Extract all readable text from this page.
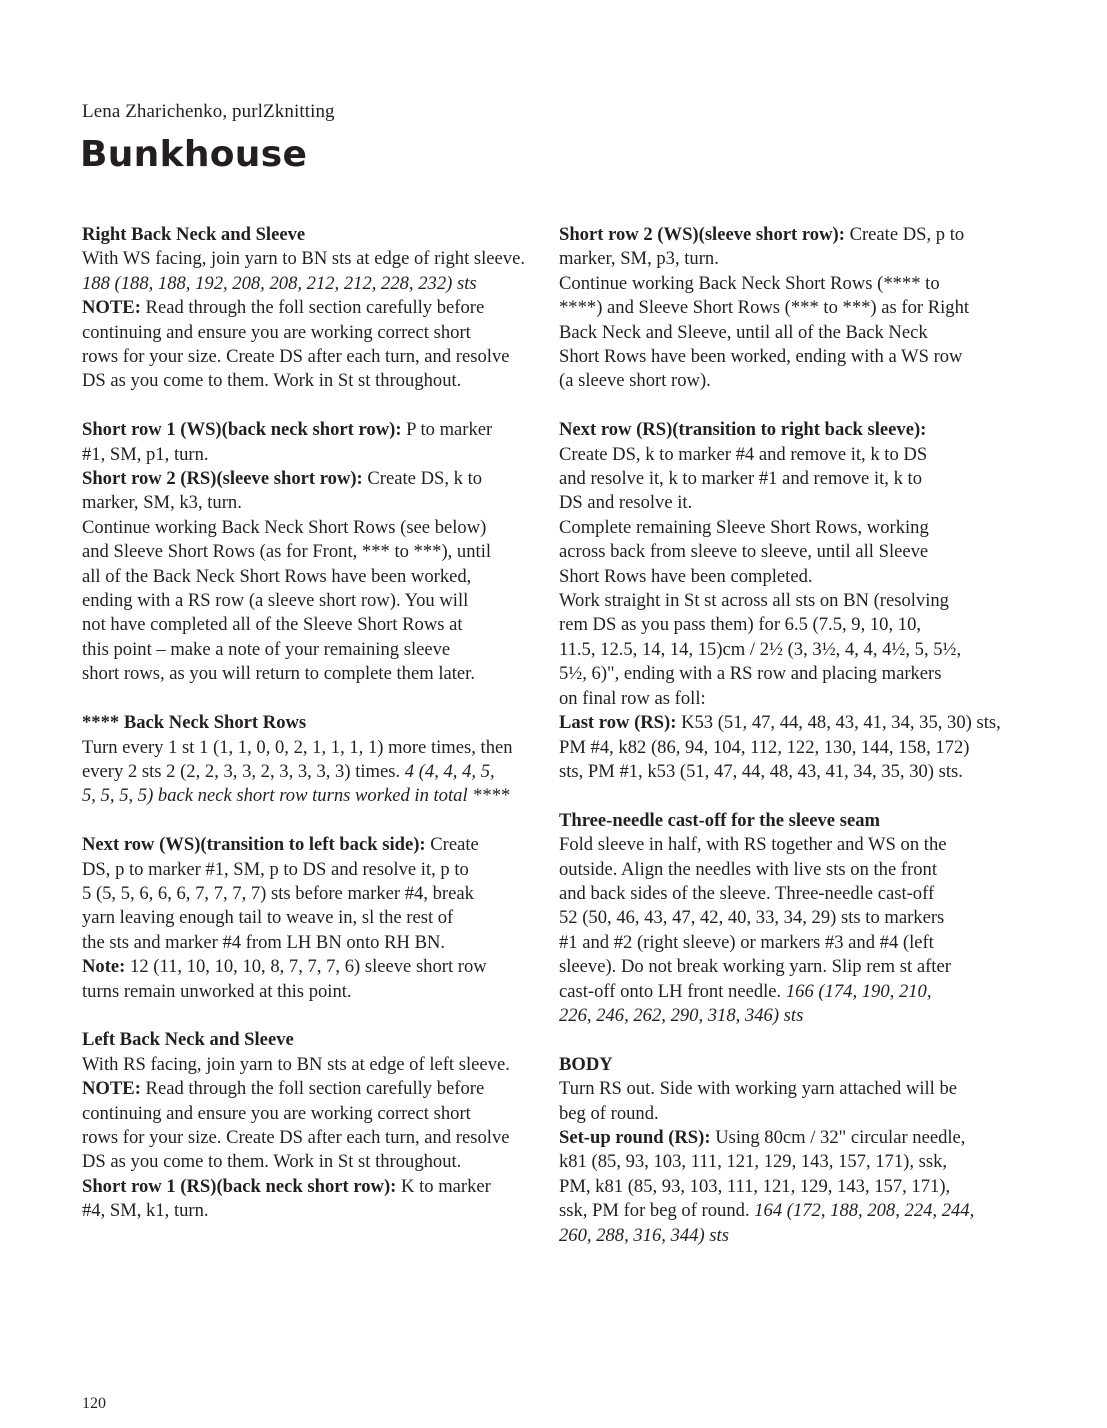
Lena Zharichenko, purlZknitting
Bunkhouse
Right Back Neck and Sleeve
With WS facing, join yarn to BN sts at edge of right sleeve.
188 (188, 188, 192, 208, 208, 212, 212, 228, 232) sts
NOTE: Read through the foll section carefully before
continuing and ensure you are working correct short
rows for your size. Create DS after each turn, and resolve
DS as you come to them. Work in St st throughout.
Short row 1 (WS)(back neck short row): P to marker
#1, SM, p1, turn.
Short row 2 (RS)(sleeve short row): Create DS, k to
marker, SM, k3, turn.
Continue working Back Neck Short Rows (see below)
and Sleeve Short Rows (as for Front, *** to ***), until
all of the Back Neck Short Rows have been worked,
ending with a RS row (a sleeve short row). You will
not have completed all of the Sleeve Short Rows at
this point – make a note of your remaining sleeve
short rows, as you will return to complete them later.
**** Back Neck Short Rows
Turn every 1 st 1 (1, 1, 0, 0, 2, 1, 1, 1, 1) more times, then
every 2 sts 2 (2, 2, 3, 3, 2, 3, 3, 3, 3) times. 4 (4, 4, 4, 5,
5, 5, 5, 5) back neck short row turns worked in total ****
Next row (WS)(transition to left back side): Create
DS, p to marker #1, SM, p to DS and resolve it, p to
5 (5, 5, 6, 6, 6, 7, 7, 7, 7) sts before marker #4, break
yarn leaving enough tail to weave in, sl the rest of
the sts and marker #4 from LH BN onto RH BN.
Note: 12 (11, 10, 10, 10, 8, 7, 7, 7, 6) sleeve short row
turns remain unworked at this point.
Left Back Neck and Sleeve
With RS facing, join yarn to BN sts at edge of left sleeve.
NOTE: Read through the foll section carefully before
continuing and ensure you are working correct short
rows for your size. Create DS after each turn, and resolve
DS as you come to them. Work in St st throughout.
Short row 1 (RS)(back neck short row): K to marker
#4, SM, k1, turn.
Short row 2 (WS)(sleeve short row): Create DS, p to
marker, SM, p3, turn.
Continue working Back Neck Short Rows (**** to
****) and Sleeve Short Rows (*** to ***) as for Right
Back Neck and Sleeve, until all of the Back Neck
Short Rows have been worked, ending with a WS row
(a sleeve short row).
Next row (RS)(transition to right back sleeve):
Create DS, k to marker #4 and remove it, k to DS
and resolve it, k to marker #1 and remove it, k to
DS and resolve it.
Complete remaining Sleeve Short Rows, working
across back from sleeve to sleeve, until all Sleeve
Short Rows have been completed.
Work straight in St st across all sts on BN (resolving
rem DS as you pass them) for 6.5 (7.5, 9, 10, 10,
11.5, 12.5, 14, 14, 15)cm / 2½ (3, 3½, 4, 4, 4½, 5, 5½,
5½, 6)", ending with a RS row and placing markers
on final row as foll:
Last row (RS): K53 (51, 47, 44, 48, 43, 41, 34, 35, 30) sts,
PM #4, k82 (86, 94, 104, 112, 122, 130, 144, 158, 172)
sts, PM #1, k53 (51, 47, 44, 48, 43, 41, 34, 35, 30) sts.
Three-needle cast-off for the sleeve seam
Fold sleeve in half, with RS together and WS on the
outside. Align the needles with live sts on the front
and back sides of the sleeve. Three-needle cast-off
52 (50, 46, 43, 47, 42, 40, 33, 34, 29) sts to markers
#1 and #2 (right sleeve) or markers #3 and #4 (left
sleeve). Do not break working yarn. Slip rem st after
cast-off onto LH front needle. 166 (174, 190, 210,
226, 246, 262, 290, 318, 346) sts
BODY
Turn RS out. Side with working yarn attached will be
beg of round.
Set-up round (RS): Using 80cm / 32" circular needle,
k81 (85, 93, 103, 111, 121, 129, 143, 157, 171), ssk,
PM, k81 (85, 93, 103, 111, 121, 129, 143, 157, 171),
ssk, PM for beg of round. 164 (172, 188, 208, 224, 244,
260, 288, 316, 344) sts
120
